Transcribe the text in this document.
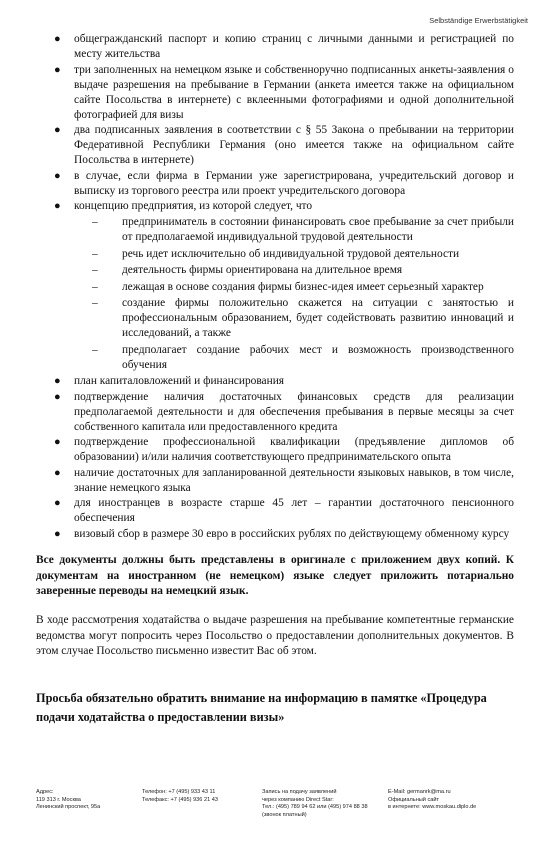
Selbständige Erwerbstätigkeit
● общегражданский паспорт и копию страниц с личными данными и регистрацией по месту жительства
● три заполненных на немецком языке и собственноручно подписанных анкеты-заявления о выдаче разрешения на пребывание в Германии (анкета имеется также на официальном сайте Посольства в интернете) с вклеенными фотографиями и одной дополнительной фотографией для визы
● два подписанных заявления в соответствии с § 55 Закона о пребывании на территории Федеративной Республики Германия (оно имеется также на официальном сайте Посольства в интернете)
● в случае, если фирма в Германии уже зарегистрирована, учредительский договор и выписку из торгового реестра или проект учредительского договора
● концепцию предприятия, из которой следует, что
– предприниматель в состоянии финансировать свое пребывание за счет прибыли от предполагаемой индивидуальной трудовой деятельности
– речь идет исключительно об индивидуальной трудовой деятельности
– деятельность фирмы ориентирована на длительное время
– лежащая в основе создания фирмы бизнес-идея имеет серьезный характер
– создание фирмы положительно скажется на ситуации с занятостью и профессиональным образованием, будет содействовать развитию инноваций и исследований, а также
– предполагает создание рабочих мест и возможность производственного обучения
● план капиталовложений и финансирования
● подтверждение наличия достаточных финансовых средств для реализации предполагаемой деятельности и для обеспечения пребывания в первые месяцы за счет собственного капитала или предоставленного кредита
● подтверждение профессиональной квалификации (предъявление дипломов об образовании) и/или наличия соответствующего предпринимательского опыта
● наличие достаточных для запланированной деятельности языковых навыков, в том числе, знание немецкого языка
● для иностранцев в возрасте старше 45 лет – гарантии достаточного пенсионного обеспечения
● визовый сбор в размере 30 евро в российских рублях по действующему обменному курсу
Все документы должны быть представлены в оригинале с приложением двух копий. К документам на иностранном (не немецком) языке следует приложить потариально заверенные переводы на немецкий язык.
В ходе рассмотрения ходатайства о выдаче разрешения на пребывание компетентные германские ведомства могут попросить через Посольство о предоставлении дополнительных документов. В этом случае Посольство письменно известит Вас об этом.
Просьба обязательно обратить внимание на информацию в памятке «Процедура подачи ходатайства о предоставлении визы»
Адрес:
119 313 г. Москва
Ленинский проспект, 95а
Телефон: +7 (495) 933 43 11
Телефакс: +7 (495) 936 21 43
Запись на подачу заявлений
через компанию Direct Star:
Тел.: (495) 789 94 62 или (495) 974 88 38
(звонок платный)
E-Mail: germanrk@ma.ru
Официальный сайт
в интернете: www.moskau.diplo.de
